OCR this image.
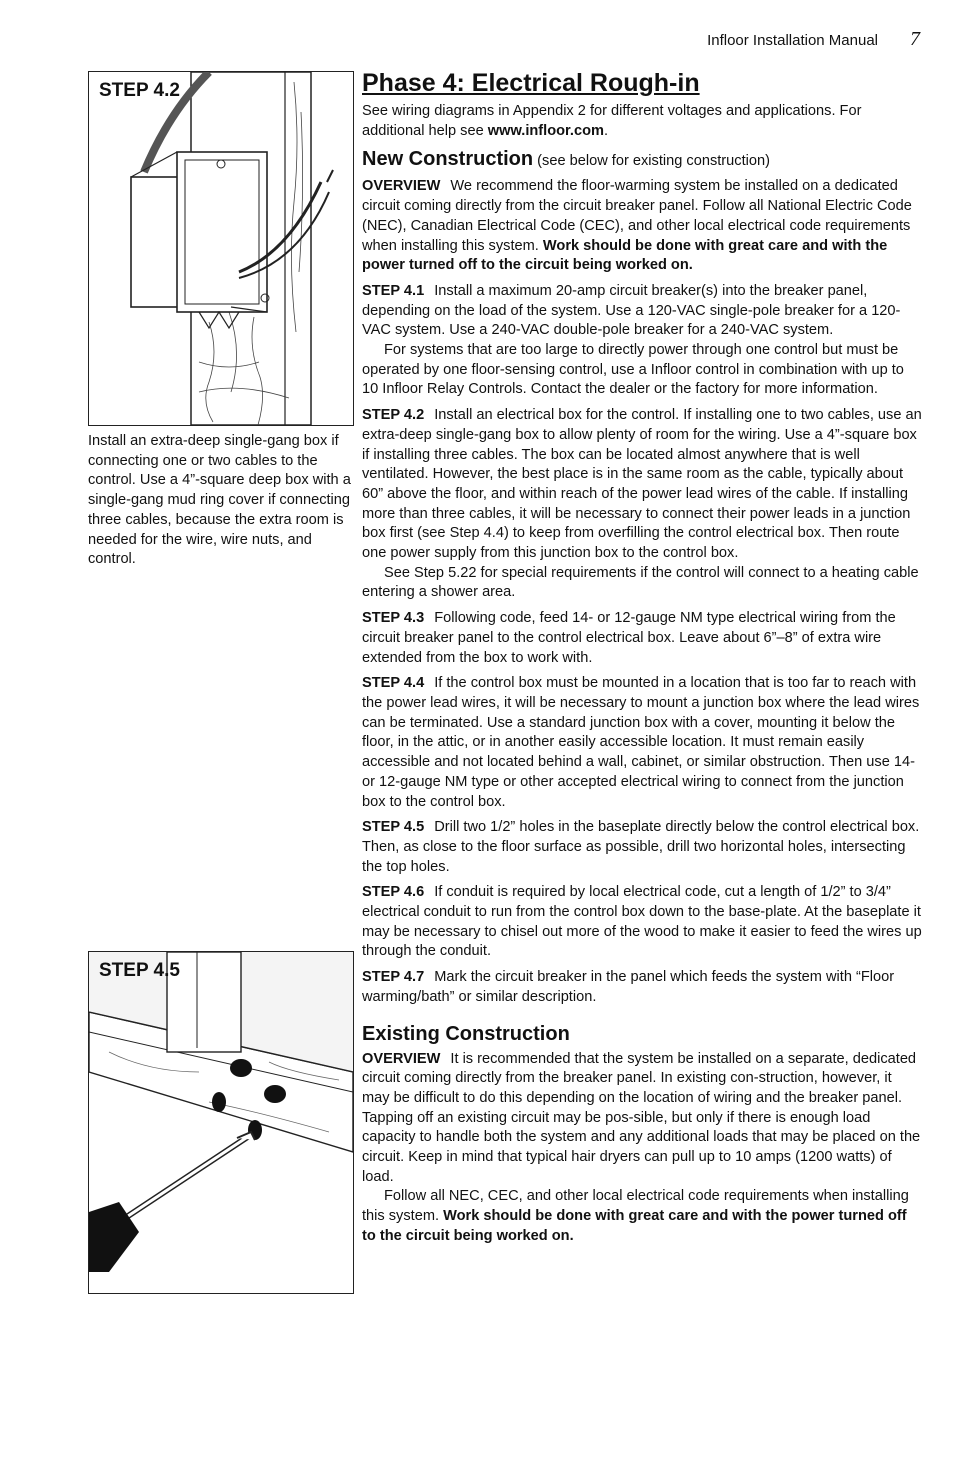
Infloor Installation Manual 7
STEP 4.2
Install an extra-deep single-gang box if connecting one or two cables to the control. Use a 4”-square deep box with a single-gang mud ring cover if connecting three cables, because the extra room is needed for the wire, wire nuts, and control.
STEP 4.5
Phase 4: Electrical Rough-in

See wiring diagrams in Appendix 2 for different voltages and applications. For additional help see www.infloor.com.

New Construction (see below for existing construction)

OVERVIEW We recommend the floor-warming system be installed on a dedicated circuit coming directly from the circuit breaker panel. Follow all National Electric Code (NEC), Canadian Electrical Code (CEC), and other local electrical code requirements when installing this system. Work should be done with great care and with the power turned off to the circuit being worked on.

STEP 4.1 Install a maximum 20-amp circuit breaker(s) into the breaker panel, depending on the load of the system. Use a 120-VAC single-pole breaker for a 120-VAC system. Use a 240-VAC double-pole breaker for a 240-VAC system.

For systems that are too large to directly power through one control but must be operated by one floor-sensing control, use a Infloor control in combination with up to 10 Infloor Relay Controls. Contact the dealer or the factory for more information.

STEP 4.2 Install an electrical box for the control. If installing one to two cables, use an extra-deep single-gang box to allow plenty of room for the wiring. Use a 4”-square box if installing three cables. The box can be located almost anywhere that is well ventilated. However, the best place is in the same room as the cable, typically about 60” above the floor, and within reach of the power lead wires of the cable. If installing more than three cables, it will be necessary to connect their power leads in a junction box first (see Step 4.4) to keep from overfilling the control electrical box. Then route one power supply from this junction box to the control box.

See Step 5.22 for special requirements if the control will connect to a heating cable entering a shower area.

STEP 4.3 Following code, feed 14- or 12-gauge NM type electrical wiring from the circuit breaker panel to the control electrical box. Leave about 6”–8” of extra wire extended from the box to work with.

STEP 4.4 If the control box must be mounted in a location that is too far to reach with the power lead wires, it will be necessary to mount a junction box where the lead wires can be terminated. Use a standard junction box with a cover, mounting it below the floor, in the attic, or in another easily accessible location. It must remain easily accessible and not located behind a wall, cabinet, or similar obstruction. Then use 14- or 12-gauge NM type or other accepted electrical wiring to connect from the junction box to the control box.

STEP 4.5 Drill two 1/2” holes in the baseplate directly below the control electrical box. Then, as close to the floor surface as possible, drill two horizontal holes, intersecting the top holes.

STEP 4.6 If conduit is required by local electrical code, cut a length of 1/2” to 3/4” electrical conduit to run from the control box down to the base-plate. At the baseplate it may be necessary to chisel out more of the wood to make it easier to feed the wires up through the conduit.

STEP 4.7 Mark the circuit breaker in the panel which feeds the system with “Floor warming/bath” or similar description.

Existing Construction

OVERVIEW It is recommended that the system be installed on a separate, dedicated circuit coming directly from the breaker panel. In existing con-struction, however, it may be difficult to do this depending on the location of wiring and the breaker panel. Tapping off an existing circuit may be pos-sible, but only if there is enough load capacity to handle both the system and any additional loads that may be placed on the circuit. Keep in mind that typical hair dryers can pull up to 10 amps (1200 watts) of load.

Follow all NEC, CEC, and other local electrical code requirements when installing this system. Work should be done with great care and with the power turned off to the circuit being worked on.
